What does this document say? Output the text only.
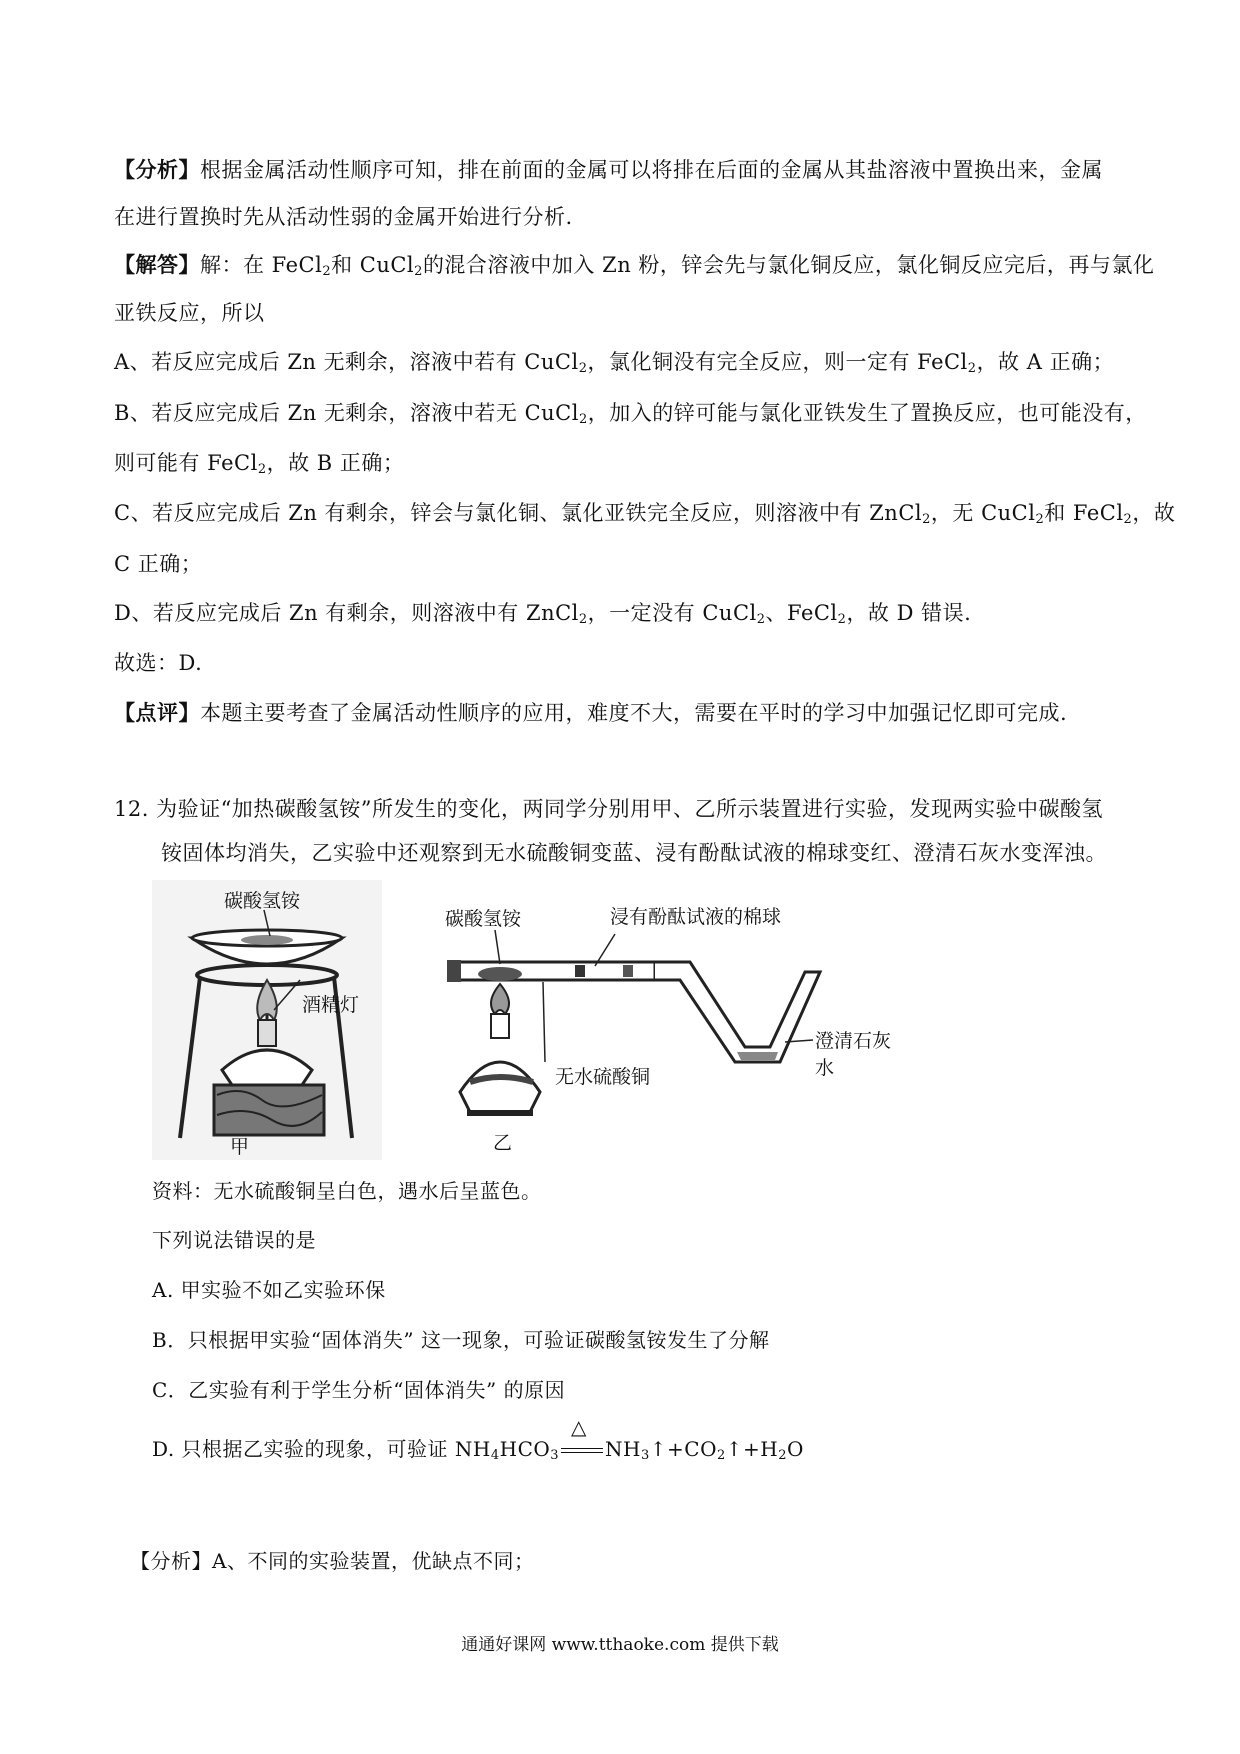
【分析】根据金属活动性顺序可知，排在前面的金属可以将排在后面的金属从其盐溶液中置换出来，金属
在进行置换时先从活动性弱的金属开始进行分析.
【解答】解：在 FeCl$_2$和 CuCl$_2$的混合溶液中加入 Zn 粉，锌会先与氯化铜反应，氯化铜反应完后，再与氯化
亚铁反应，所以
A、若反应完成后 Zn 无剩余，溶液中若有 CuCl$_2$，氯化铜没有完全反应，则一定有 FeCl$_2$，故 A 正确；
B、若反应完成后 Zn 无剩余，溶液中若无 CuCl$_2$，加入的锌可能与氯化亚铁发生了置换反应，也可能没有，
则可能有 FeCl$_2$，故 B 正确；
C、若反应完成后 Zn 有剩余，锌会与氯化铜、氯化亚铁完全反应，则溶液中有 ZnCl$_2$，无 CuCl$_2$和 FeCl$_2$，故
C 正确；
D、若反应完成后 Zn 有剩余，则溶液中有 ZnCl$_2$，一定没有 CuCl$_2$、FeCl$_2$，故 D 错误.
故选：D.
【点评】本题主要考查了金属活动性顺序的应用，难度不大，需要在平时的学习中加强记忆即可完成.
12. 为验证“加热碳酸氢铵”所发生的变化，两同学分别用甲、乙所示装置进行实验，发现两实验中碳酸氢
铵固体均消失，乙实验中还观察到无水硫酸铜变蓝、浸有酚酞试液的棉球变红、澄清石灰水变浑浊。
碳酸氢铵
酒精灯
甲
碳酸氢铵	浸有酚酞试液的棉球
澄清石灰水
无水硫酸铜
乙
资料：无水硫酸铜呈白色，遇水后呈蓝色。
下列说法错误的是
A. 甲实验不如乙实验环保
B．只根据甲实验“固体消失” 这一现象，可验证碳酸氢铵发生了分解
C．乙实验有利于学生分析“固体消失” 的原因
D. 只根据乙实验的现象，可验证 $NH_4HCO_3$
△
$NH_3↑+CO_2↑+H_2O$
【分析】A、不同的实验装置，优缺点不同；
通通好课网 www.tthaoke.com 提供下载
